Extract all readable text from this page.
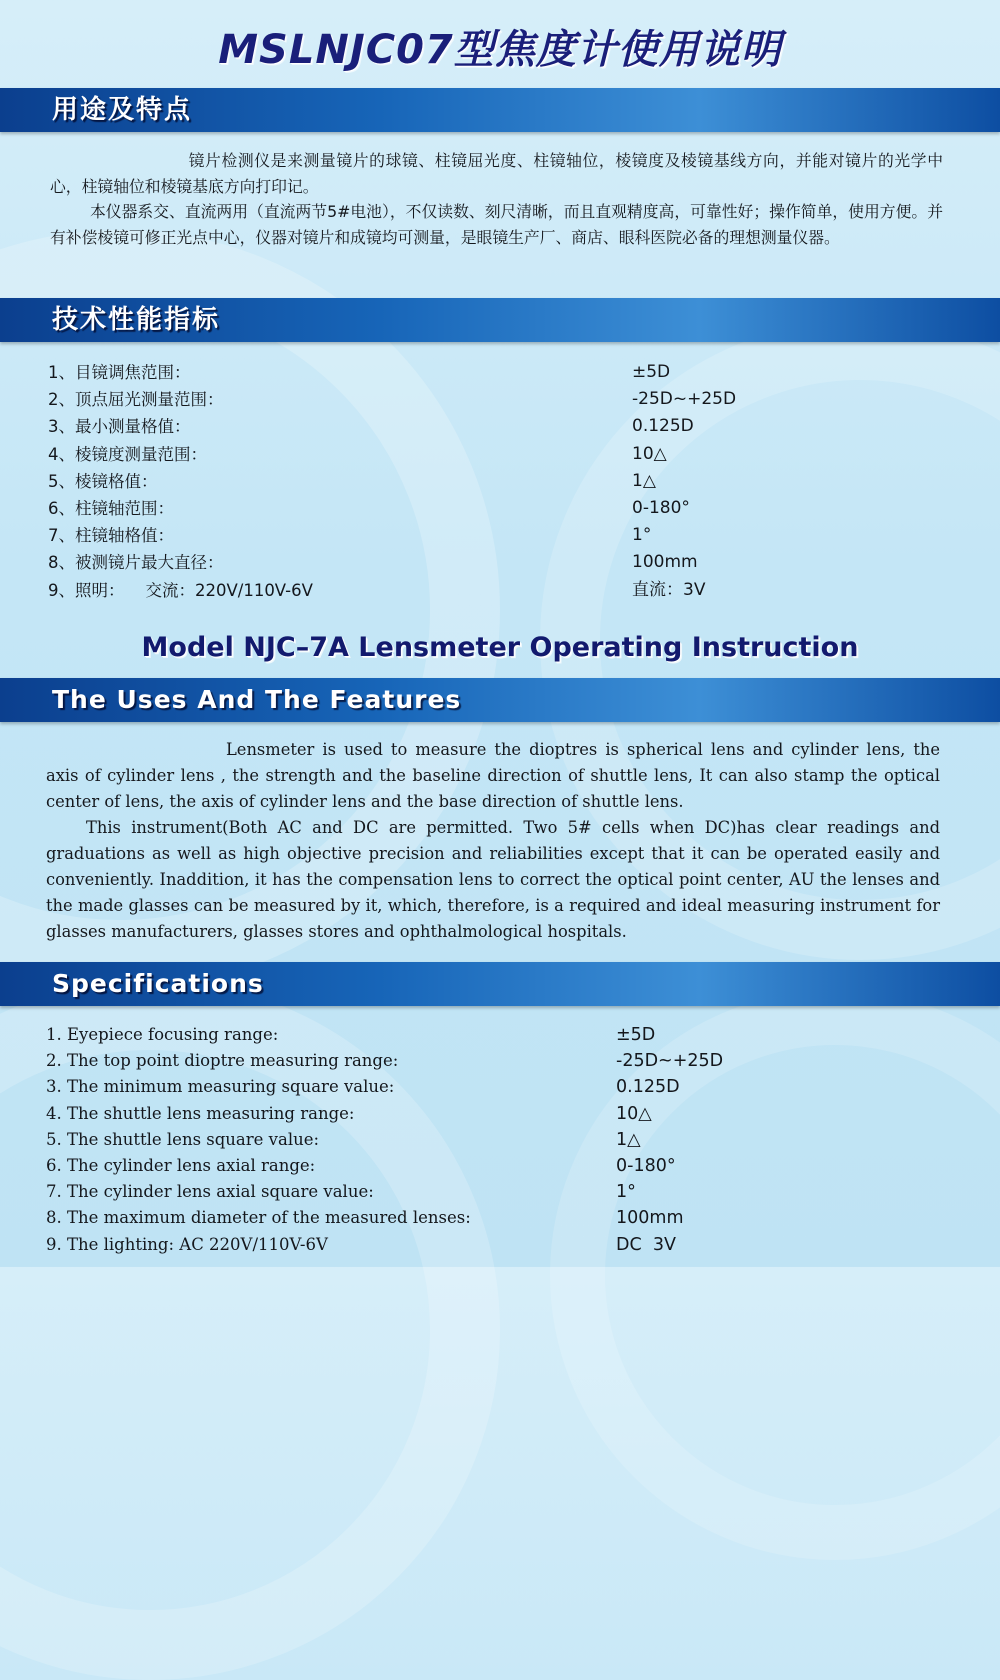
MSLNJC07型焦度计使用说明
用途及特点

镜片检测仪是来测量镜片的球镜、柱镜屈光度、柱镜轴位，棱镜度及棱镜基线方向，并能对镜片的光学中心，柱镜轴位和棱镜基底方向打印记。

本仪器系交、直流两用（直流两节5#电池），不仅读数、刻尺清晰，而且直观精度高，可靠性好；操作简单，使用方便。并有补偿棱镜可修正光点中心，仪器对镜片和成镜均可测量，是眼镜生产厂、商店、眼科医院必备的理想测量仪器。

技术性能指标
1、目镜调焦范围：	±5D
2、顶点屈光测量范围：	-25D~+25D
3、最小测量格值：	0.125D
4、棱镜度测量范围：	10△
5、棱镜格值：	1△
6、柱镜轴范围：	0-180°
7、柱镜轴格值：	1°
8、被测镜片最大直径：	100mm
9、照明：    交流：220V/110V-6V	直流：3V
Model NJC–7A Lensmeter Operating Instruction
The Uses And The Features

Lensmeter is used to measure the dioptres is spherical lens and cylinder lens, the axis of cylinder lens , the strength and the baseline direction of shuttle lens, It can also stamp the optical center of lens, the axis of cylinder lens and the base direction of shuttle lens.

This instrument(Both AC and DC are permitted. Two 5# cells when DC)has clear readings and graduations as well as high objective precision and reliabilities except that it can be operated easily and conveniently. Inaddition, it has the compensation lens to correct the optical point center, AU the lenses and the made glasses can be measured by it, which, therefore, is a required and ideal measuring instrument for glasses manufacturers, glasses stores and ophthalmological hospitals.

Specifications
1. Eyepiece focusing range:	±5D
2. The top point dioptre measuring range:	-25D~+25D
3. The minimum measuring square value:	0.125D
4. The shuttle lens measuring range:	10△
5. The shuttle lens square value:	1△
6. The cylinder lens axial range:	0-180°
7. The cylinder lens axial square value:	1°
8. The maximum diameter of the measured lenses:	100mm
9. The lighting: AC 220V/110V-6V	DC  3V
